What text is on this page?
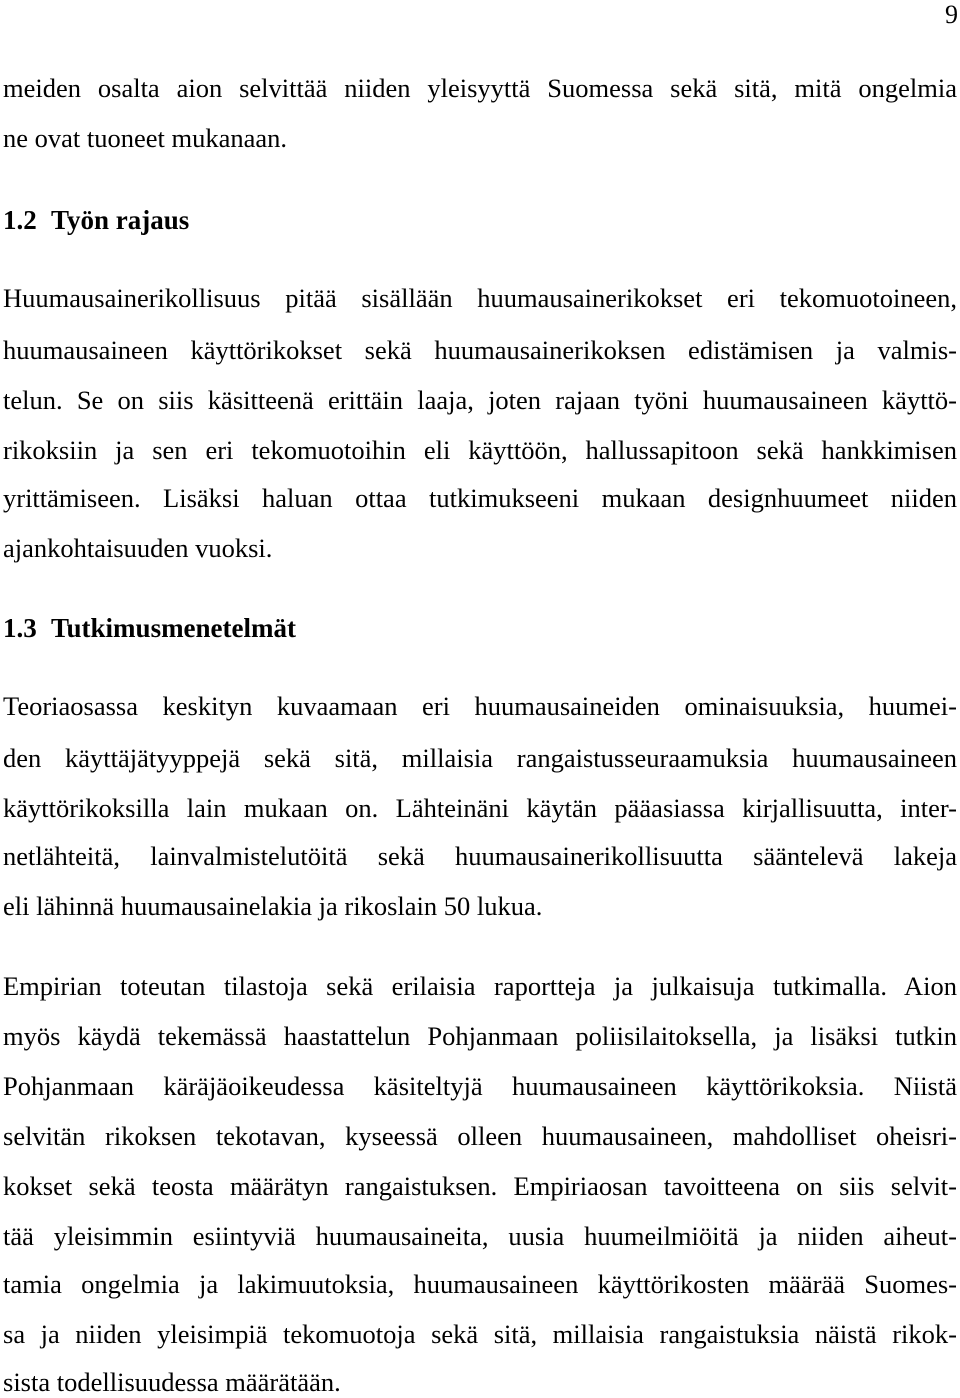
9
meiden osalta aion selvittää niiden yleisyyttä Suomessa sekä sitä, mitä ongelmia
ne ovat tuoneet mukanaan.
1.2 Työn rajaus
Huumausainerikollisuus pitää sisällään huumausainerikokset eri tekomuotoineen,
huumausaineen käyttörikokset sekä huumausainerikoksen edistämisen ja valmis-
telun. Se on siis käsitteenä erittäin laaja, joten rajaan työni huumausaineen käyttö-
rikoksiin ja sen eri tekomuotoihin eli käyttöön, hallussapitoon sekä hankkimisen
yrittämiseen. Lisäksi haluan ottaa tutkimukseeni mukaan designhuumeet niiden
ajankohtaisuuden vuoksi.
1.3 Tutkimusmenetelmät
Teoriaosassa keskityn kuvaamaan eri huumausaineiden ominaisuuksia, huumei-
den käyttäjätyyppejä sekä sitä, millaisia rangaistusseuraamuksia huumausaineen
käyttörikoksilla lain mukaan on. Lähteinäni käytän pääasiassa kirjallisuutta, inter-
netlähteitä, lainvalmistelutöitä sekä huumausainerikollisuutta sääntelevä lakeja
eli lähinnä huumausainelakia ja rikoslain 50 lukua.
Empirian toteutan tilastoja sekä erilaisia raportteja ja julkaisuja tutkimalla. Aion
myös käydä tekemässä haastattelun Pohjanmaan poliisilaitoksella, ja lisäksi tutkin
Pohjanmaan käräjäoikeudessa käsiteltyjä huumausaineen käyttörikoksia. Niistä
selvitän rikoksen tekotavan, kyseessä olleen huumausaineen, mahdolliset oheisri-
kokset sekä teosta määrätyn rangaistuksen. Empiriaosan tavoitteena on siis selvit-
tää yleisimmin esiintyviä huumausaineita, uusia huumeilmiöitä ja niiden aiheut-
tamia ongelmia ja lakimuutoksia, huumausaineen käyttörikosten määrää Suomes-
sa ja niiden yleisimpiä tekomuotoja sekä sitä, millaisia rangaistuksia näistä rikok-
sista todellisuudessa määrätään.
